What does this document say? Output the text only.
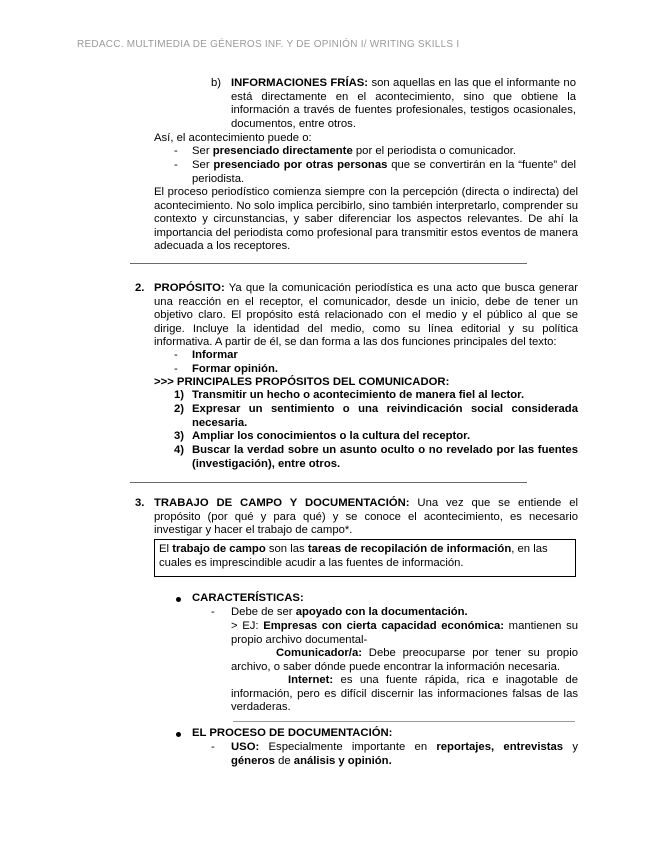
REDACC. MULTIMEDIA DE GÉNEROS INF. Y DE OPINIÓN I/ WRITING SKILLS I
b) INFORMACIONES FRÍAS: son aquellas en las que el informante no está directamente en el acontecimiento, sino que obtiene la información a través de fuentes profesionales, testigos ocasionales, documentos, entre otros.
Así, el acontecimiento puede o:
- Ser presenciado directamente por el periodista o comunicador.
- Ser presenciado por otras personas que se convertirán en la “fuente” del periodista.
El proceso periodístico comienza siempre con la percepción (directa o indirecta) del acontecimiento. No solo implica percibirlo, sino también interpretarlo, comprender su contexto y circunstancias, y saber diferenciar los aspectos relevantes. De ahí la importancia del periodista como profesional para transmitir estos eventos de manera adecuada a los receptores.
2. PROPÓSITO: Ya que la comunicación periodística es una acto que busca generar una reacción en el receptor, el comunicador, desde un inicio, debe de tener un objetivo claro. El propósito está relacionado con el medio y el público al que se dirige. Incluye la identidad del medio, como su línea editorial y su política informativa. A partir de él, se dan forma a las dos funciones principales del texto:
- Informar
- Formar opinión.
>>> PRINCIPALES PROPÓSITOS DEL COMUNICADOR:
1) Transmitir un hecho o acontecimiento de manera fiel al lector.
2) Expresar un sentimiento o una reivindicación social considerada necesaria.
3) Ampliar los conocimientos o la cultura del receptor.
4) Buscar la verdad sobre un asunto oculto o no revelado por las fuentes (investigación), entre otros.
3. TRABAJO DE CAMPO Y DOCUMENTACIÓN: Una vez que se entiende el propósito (por qué y para qué) y se conoce el acontecimiento, es necesario investigar y hacer el trabajo de campo*.
El trabajo de campo son las tareas de recopilación de información, en las cuales es imprescindible acudir a las fuentes de información.
CARACTERÍSTICAS:
- Debe de ser apoyado con la documentación.
> EJ: Empresas con cierta capacidad económica: mantienen su propio archivo documental-
Comunicador/a: Debe preocuparse por tener su propio archivo, o saber dónde puede encontrar la información necesaria.
Internet: es una fuente rápida, rica e inagotable de información, pero es difícil discernir las informaciones falsas de las verdaderas.
EL PROCESO DE DOCUMENTACIÓN:
- USO: Especialmente importante en reportajes, entrevistas y géneros de análisis y opinión.
